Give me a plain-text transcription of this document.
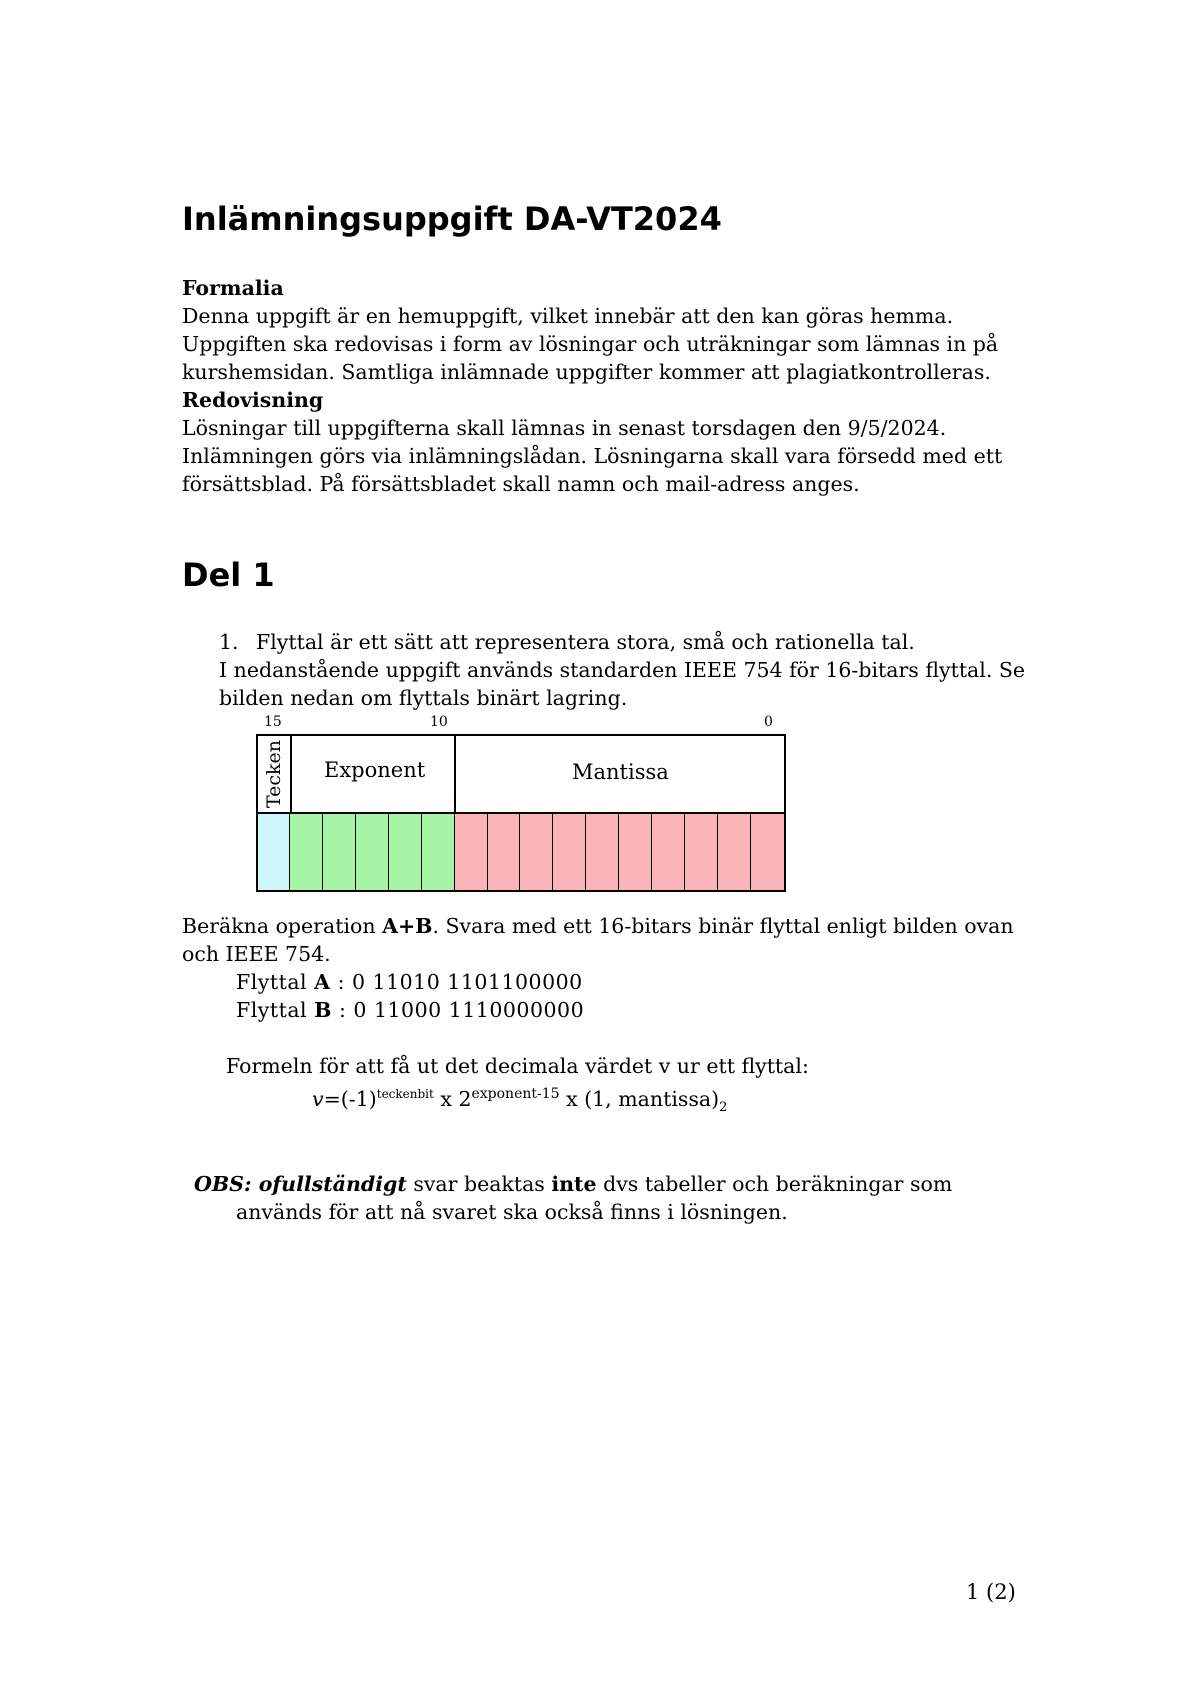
Inlämningsuppgift DA-VT2024
Formalia
Denna uppgift är en hemuppgift, vilket innebär att den kan göras hemma.
Uppgiften ska redovisas i form av lösningar och uträkningar som lämnas in på
kurshemsidan. Samtliga inlämnade uppgifter kommer att plagiatkontrolleras.
Redovisning
Lösningar till uppgifterna skall lämnas in senast torsdagen den 9/5/2024.
Inlämningen görs via inlämningslådan. Lösningarna skall vara försedd med ett
försättsblad. På försättsbladet skall namn och mail-adress anges.
Del 1
1. Flyttal är ett sätt att representera stora, små och rationella tal.
I nedanstående uppgift används standarden IEEE 754 för 16-bitars flyttal. Se
bilden nedan om flyttals binärt lagring.
15	10	0
Tecken Exponent	Mantissa
Beräkna operation A+B. Svara med ett 16-bitars binär flyttal enligt bilden ovan
och IEEE 754.
Flyttal A : 0 11010 1101100000
Flyttal B : 0 11000 1110000000
Formeln för att få ut det decimala värdet v ur ett flyttal:
$v=(-1)^{teckenbit}$ x $2^{exponent-15}$ x (1, $mantissa)_2$
OBS: ofullständigt svar beaktas inte dvs tabeller och beräkningar som
används för att nå svaret ska också finns i lösningen.
1 (2)
